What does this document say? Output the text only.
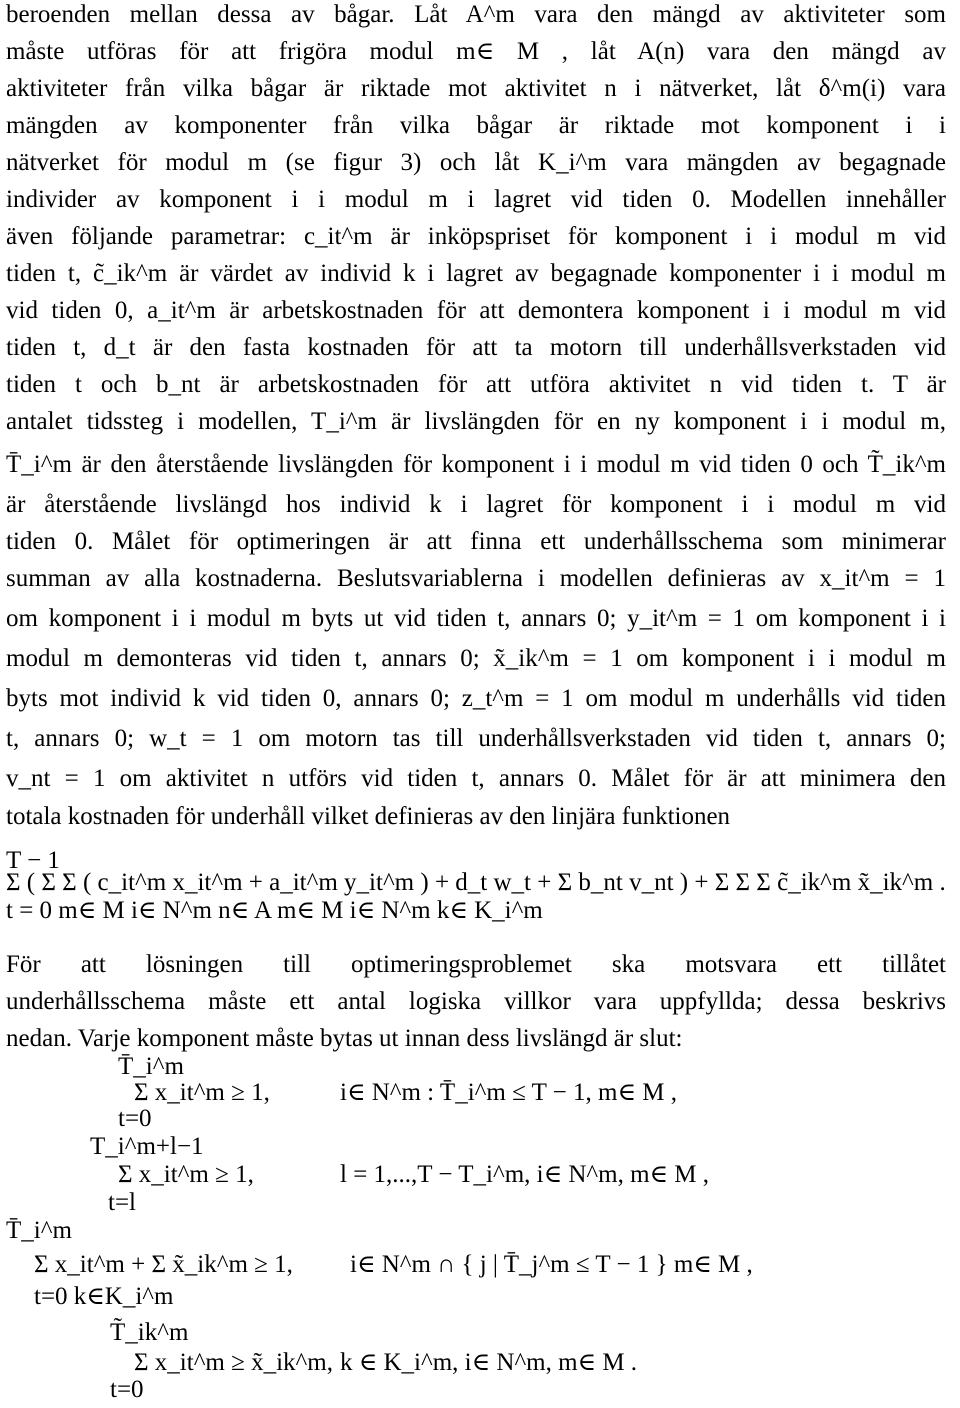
beroenden mellan dessa av bågar. Låt A^m vara den mängd av aktiviteter som
måste utföras för att frigöra modul m∈ M , låt A(n) vara den mängd av
aktiviteter från vilka bågar är riktade mot aktivitet n i nätverket, låt δ^m(i) vara
mängden av komponenter från vilka bågar är riktade mot komponent i i
nätverket för modul m (se figur 3) och låt K_i^m vara mängden av begagnade
individer av komponent i i modul m i lagret vid tiden 0. Modellen innehåller
även följande parametrar: c_it^m är inköpspriset för komponent i i modul m vid
tiden t, c̃_ik^m är värdet av individ k i lagret av begagnade komponenter i i modul m
vid tiden 0, a_it^m är arbetskostnaden för att demontera komponent i i modul m vid
tiden t, d_t är den fasta kostnaden för att ta motorn till underhållsverkstaden vid
tiden t och b_nt är arbetskostnaden för att utföra aktivitet n vid tiden t. T är
antalet tidssteg i modellen, T_i^m är livslängden för en ny komponent i i modul m,
T̄_i^m är den återstående livslängden för komponent i i modul m vid tiden 0 och T̃_ik^m
är återstående livslängd hos individ k i lagret för komponent i i modul m vid
tiden 0. Målet för optimeringen är att finna ett underhållsschema som minimerar
summan av alla kostnaderna. Beslutsvariablerna i modellen definieras av x_it^m = 1
om komponent i i modul m byts ut vid tiden t, annars 0; y_it^m = 1 om komponent i i
modul m demonteras vid tiden t, annars 0; x̃_ik^m = 1 om komponent i i modul m
byts mot individ k vid tiden 0, annars 0; z_t^m = 1 om modul m underhålls vid tiden
t, annars 0; w_t = 1 om motorn tas till underhållsverkstaden vid tiden t, annars 0;
v_nt = 1 om aktivitet n utförs vid tiden t, annars 0. Målet för är att minimera den
totala kostnaden för underhåll vilket definieras av den linjära funktionen
T − 1
Σ ( Σ Σ ( c_it^m x_it^m + a_it^m y_it^m ) + d_t w_t + Σ b_nt v_nt ) + Σ Σ Σ c̃_ik^m x̃_ik^m .
t = 0 m∈ M i∈ N^m n∈ A m∈ M i∈ N^m k∈ K_i^m
För att lösningen till optimeringsproblemet ska motsvara ett tillåtet
underhållsschema måste ett antal logiska villkor vara uppfyllda; dessa beskrivs
nedan. Varje komponent måste bytas ut innan dess livslängd är slut:
T̄_i^m
Σ x_it^m ≥ 1,
t=0
i∈ N^m : T̄_i^m ≤ T − 1, m∈ M ,
T_i^m+l−1
Σ x_it^m ≥ 1,
t=l
l = 1,...,T − T_i^m, i∈ N^m, m∈ M ,
T̄_i^m
Σ x_it^m + Σ x̃_ik^m ≥ 1,
t=0 k∈K_i^m
i∈ N^m ∩ { j | T̄_j^m ≤ T − 1 } m∈ M ,
T̃_ik^m
Σ x_it^m ≥ x̃_ik^m,
t=0
k ∈ K_i^m, i∈ N^m, m∈ M .
